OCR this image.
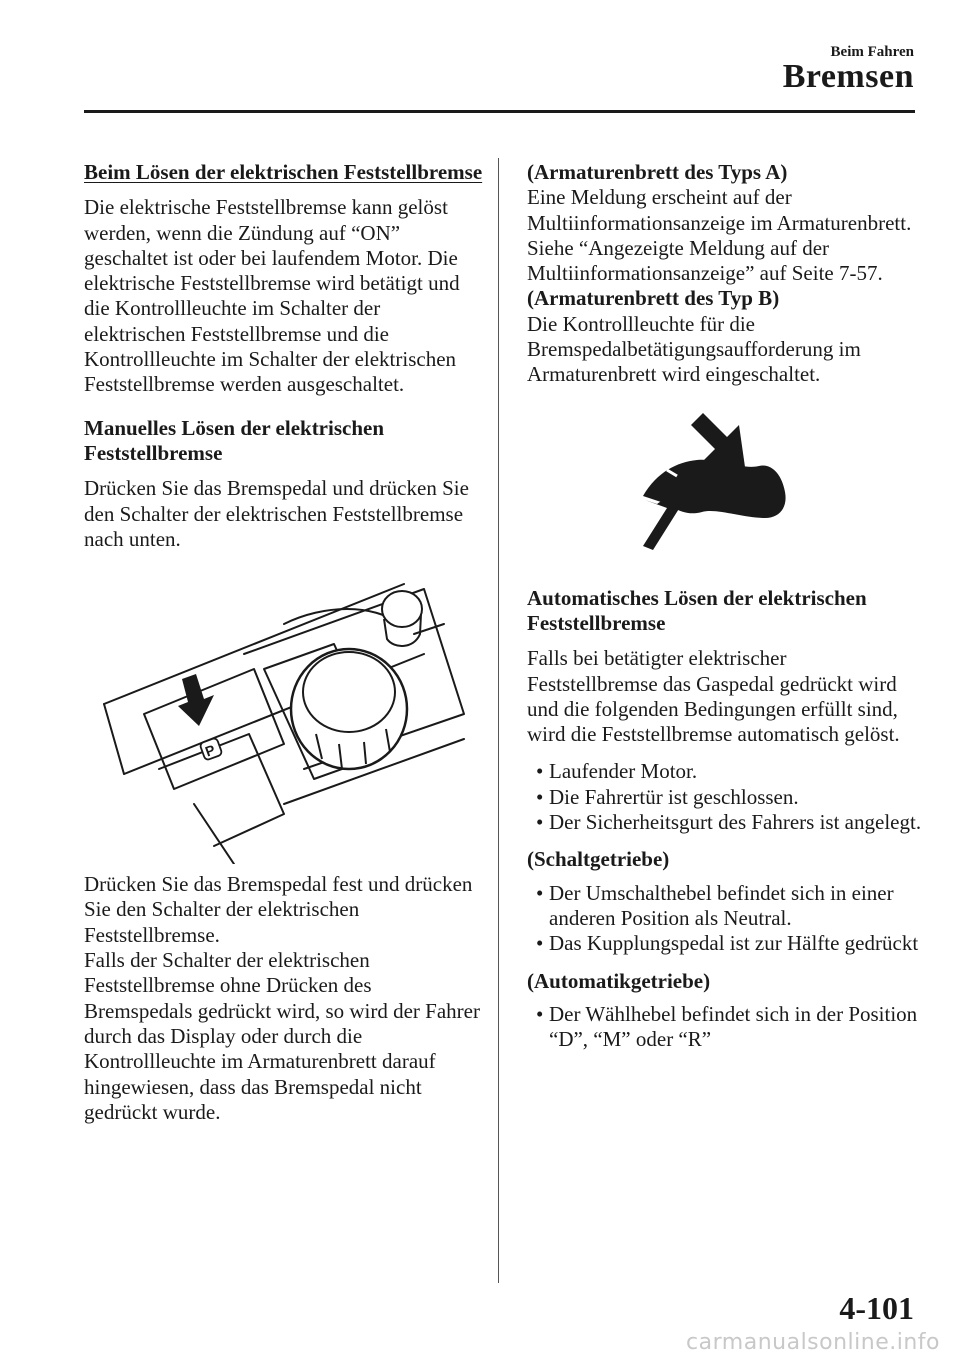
Beim Fahren
Bremsen

Beim Lösen der elektrischen Feststellbremse

Die elektrische Feststellbremse kann gelöst werden, wenn die Zündung auf “ON” geschaltet ist oder bei laufendem Motor. Die elektrische Feststellbremse wird betätigt und die Kontrollleuchte im Schalter der elektrischen Feststellbremse und die Kontrollleuchte im Schalter der elektrischen Feststellbremse werden ausgeschaltet.

Manuelles Lösen der elektrischen Feststellbremse

Drücken Sie das Bremspedal und drücken Sie den Schalter der elektrischen Feststellbremse nach unten.

P

Drücken Sie das Bremspedal fest und drücken Sie den Schalter der elektrischen Feststellbremse.

Falls der Schalter der elektrischen Feststellbremse ohne Drücken des Bremspedals gedrückt wird, so wird der Fahrer durch das Display oder durch die Kontrollleuchte im Armaturenbrett darauf hingewiesen, dass das Bremspedal nicht gedrückt wurde.

(Armaturenbrett des Typs A)

Eine Meldung erscheint auf der Multiinformationsanzeige im Armaturenbrett.

Siehe “Angezeigte Meldung auf der Multiinformationsanzeige” auf Seite 7-57.

(Armaturenbrett des Typ B)

Die Kontrollleuchte für die Bremspedalbetätigungsaufforderung im Armaturenbrett wird eingeschaltet.

Automatisches Lösen der elektrischen Feststellbremse

Falls bei betätigter elektrischer Feststellbremse das Gaspedal gedrückt wird und die folgenden Bedingungen erfüllt sind, wird die Feststellbremse automatisch gelöst.

• Laufender Motor.
• Die Fahrertür ist geschlossen.
• Der Sicherheitsgurt des Fahrers ist angelegt.

(Schaltgetriebe)

• Der Umschalthebel befindet sich in einer anderen Position als Neutral.
• Das Kupplungspedal ist zur Hälfte gedrückt

(Automatikgetriebe)

• Der Wählhebel befindet sich in der Position “D”, “M” oder “R”
4-101
carmanualsonline.info
